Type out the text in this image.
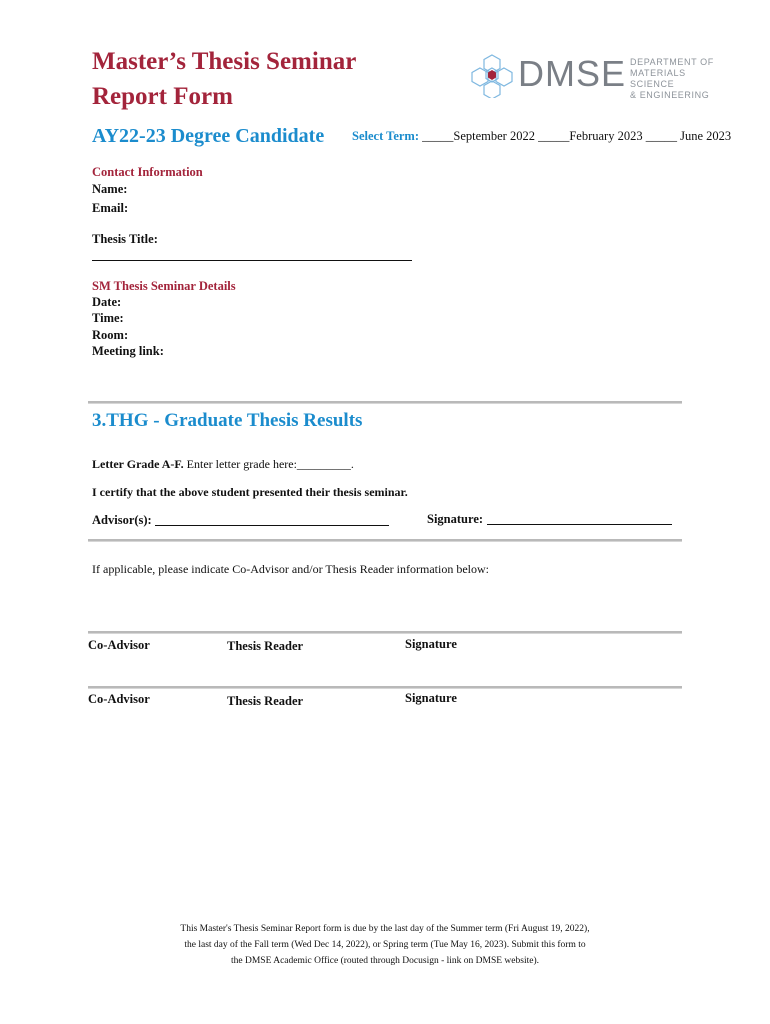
Master’s Thesis Seminar
Report Form
DMSE DEPARTMENT OF
MATERIALS SCIENCE
& ENGINEERING
AY22-23 Degree Candidate Select Term: _____September 2022 _____February 2023 _____ June 2023
Contact Information
Name:
Email:
Thesis Title:
SM Thesis Seminar Details
Date:
Time:
Room:
Meeting link:
3.THG - Graduate Thesis Results
Letter Grade A-F. Enter letter grade here:_________.
I certify that the above student presented their thesis seminar.
Advisor(s):	Signature:
If applicable, please indicate Co-Advisor and/or Thesis Reader information below:
Co-Advisor	Thesis Reader	Signature
Co-Advisor	Thesis Reader	Signature
This Master's Thesis Seminar Report form is due by the last day of the Summer term (Fri August 19, 2022),
the last day of the Fall term (Wed Dec 14, 2022), or Spring term (Tue May 16, 2023). Submit this form to
the DMSE Academic Office (routed through Docusign - link on DMSE website).
